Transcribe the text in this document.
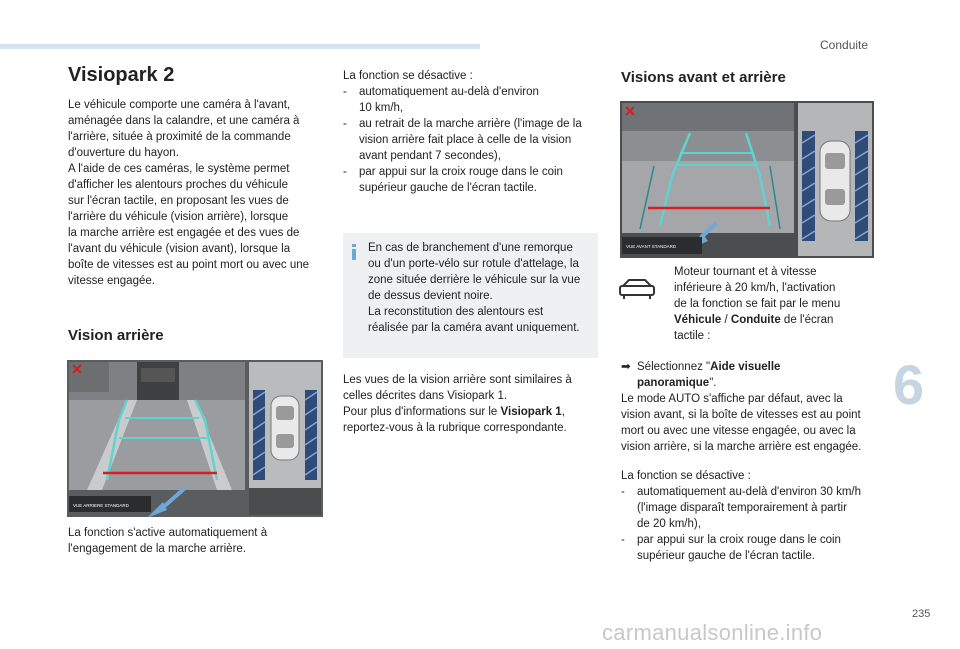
Conduite
Visiopark 2

Le véhicule comporte une caméra à l'avant,

aménagée dans la calandre, et une caméra à

l'arrière, située à proximité de la commande

d'ouverture du hayon.

A l'aide de ces caméras, le système permet

d'afficher les alentours proches du véhicule

sur l'écran tactile, en proposant les vues de

l'arrière du véhicule (vision arrière), lorsque

la marche arrière est engagée et des vues de

l'avant du véhicule (vision avant), lorsque la

boîte de vitesses est au point mort ou avec une

vitesse engagée.

Vision arrière
VUE ARRIERE STANDARD

La fonction s'active automatiquement à

l'engagement de la marche arrière.

La fonction se désactive :

- automatiquement au-delà d'environ
10 km/h,
- au retrait de la marche arrière (l'image de la
vision arrière fait place à celle de la vision
avant pendant 7 secondes),
- par appui sur la croix rouge dans le coin
supérieur gauche de l'écran tactile.
En cas de branchement d'une remorque
ou d'un porte-vélo sur rotule d'attelage, la
zone située derrière le véhicule sur la vue
de dessus devient noire.
La reconstitution des alentours est
réalisée par la caméra avant uniquement.

Les vues de la vision arrière sont similaires à

celles décrites dans Visiopark 1.

Pour plus d'informations sur le Visiopark 1,

reportez-vous à la rubrique correspondante.

Visions avant et arrière
VUE AVANT STANDARD

Moteur tournant et à vitesse

inférieure à 20 km/h, l'activation

de la fonction se fait par le menu

Véhicule / Conduite de l'écran

tactile :

➡ Sélectionnez "Aide visuelle
panoramique".

Le mode AUTO s'affiche par défaut, avec la

vision avant, si la boîte de vitesses est au point

mort ou avec une vitesse engagée, ou avec la

vision arrière, si la marche arrière est engagée.

La fonction se désactive :

- automatiquement au-delà d'environ 30 km/h
(l'image disparaît temporairement à partir
de 20 km/h),
- par appui sur la croix rouge dans le coin
supérieur gauche de l'écran tactile.
6
235
carmanualsonline.info
